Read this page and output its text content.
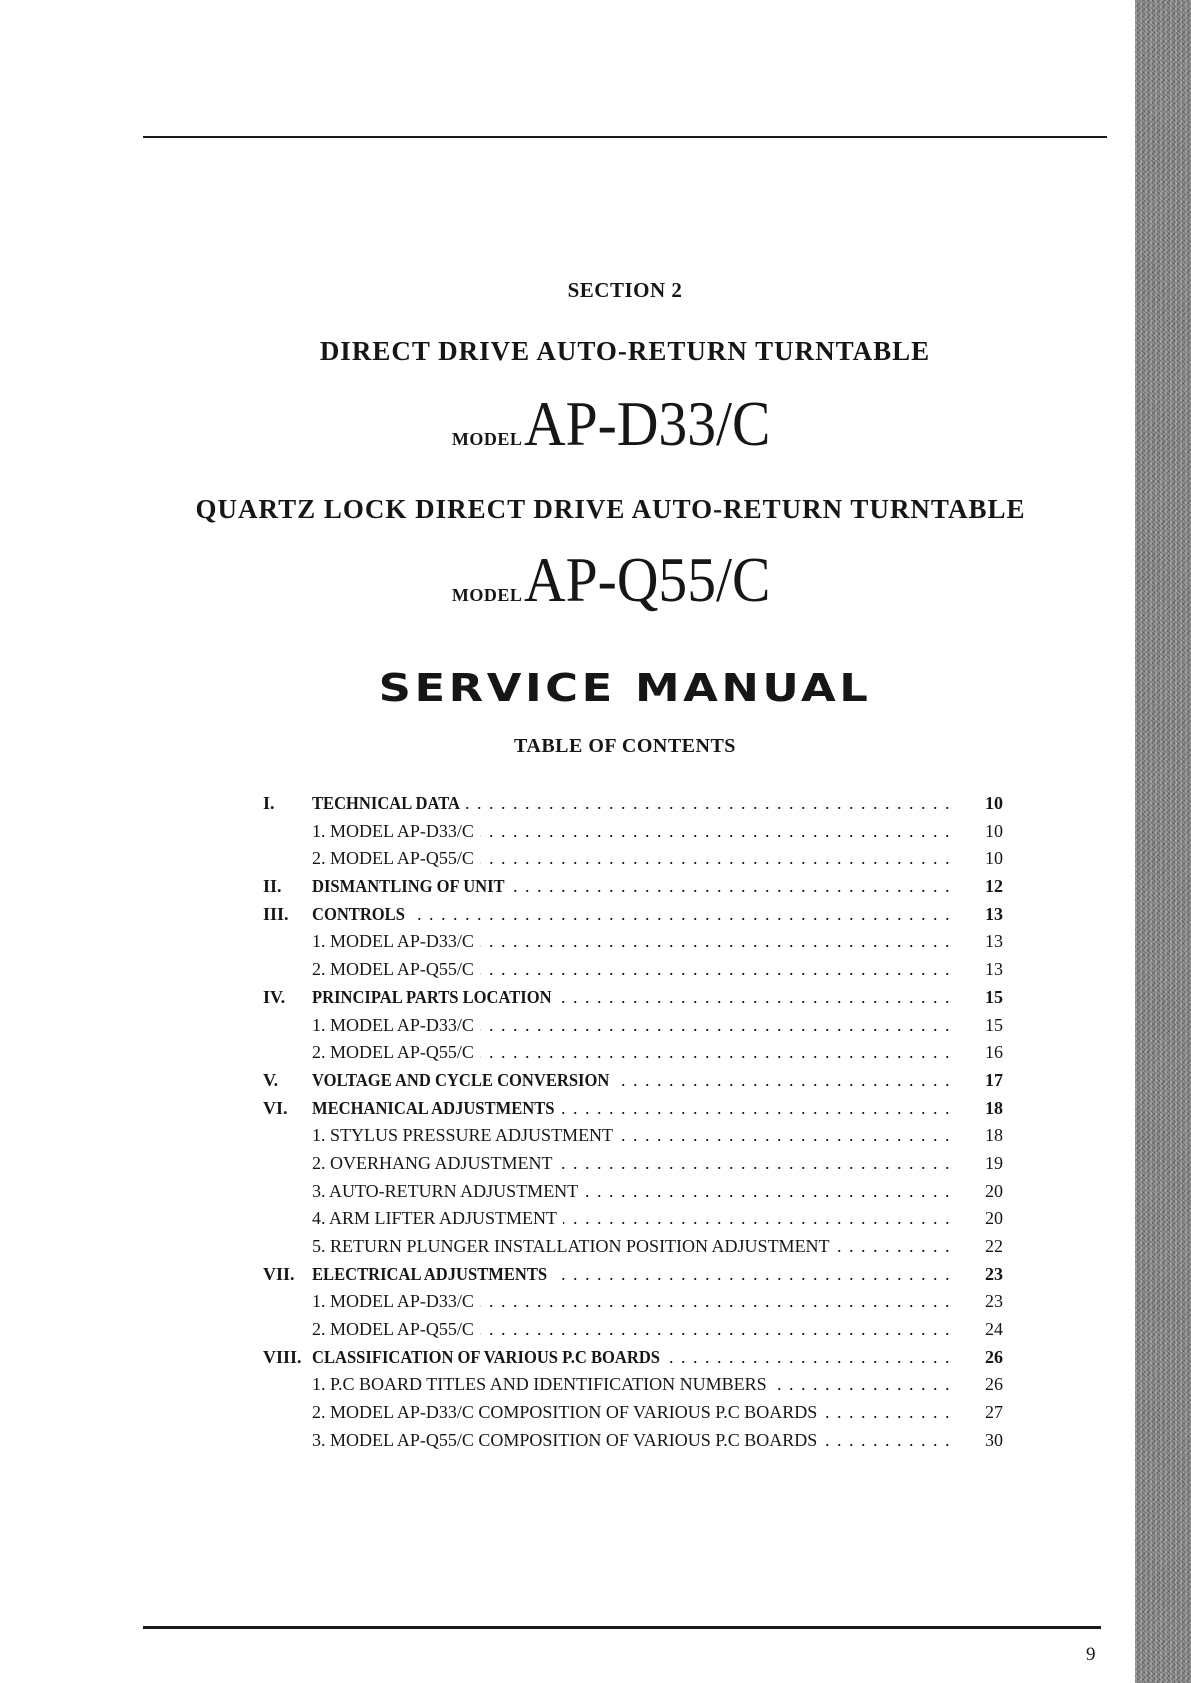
SECTION 2
DIRECT DRIVE AUTO-RETURN TURNTABLE
MODELAP-D33/C
QUARTZ LOCK DIRECT DRIVE AUTO-RETURN TURNTABLE
MODELAP-Q55/C
SERVICE MANUAL
TABLE OF CONTENTS
I. TECHNICAL DATA . . .	10
1. MODEL AP-D33/C . . .	10
2. MODEL AP-Q55/C . . .	10
II. DISMANTLING OF UNIT . . .	12
III. CONTROLS . . .	13
1. MODEL AP-D33/C . . .	13
2. MODEL AP-Q55/C . . .	13
IV. PRINCIPAL PARTS LOCATION . . .	15
1. MODEL AP-D33/C . . .	15
2. MODEL AP-Q55/C . . .	16
V. VOLTAGE AND CYCLE CONVERSION . . .	17
VI. MECHANICAL ADJUSTMENTS . . .	18
1. STYLUS PRESSURE ADJUSTMENT . . .	18
2. OVERHANG ADJUSTMENT . . .	19
3. AUTO-RETURN ADJUSTMENT . . .	20
4. ARM LIFTER ADJUSTMENT . . .	20
5. RETURN PLUNGER INSTALLATION POSITION ADJUSTMENT . . .	22
VII. ELECTRICAL ADJUSTMENTS . . .	23
1. MODEL AP-D33/C . . .	23
2. MODEL AP-Q55/C . . .	24
VIII. CLASSIFICATION OF VARIOUS P.C BOARDS . . .	26
1. P.C BOARD TITLES AND IDENTIFICATION NUMBERS . . .	26
2. MODEL AP-D33/C COMPOSITION OF VARIOUS P.C BOARDS . . .	27
3. MODEL AP-Q55/C COMPOSITION OF VARIOUS P.C BOARDS . . .	30
9
